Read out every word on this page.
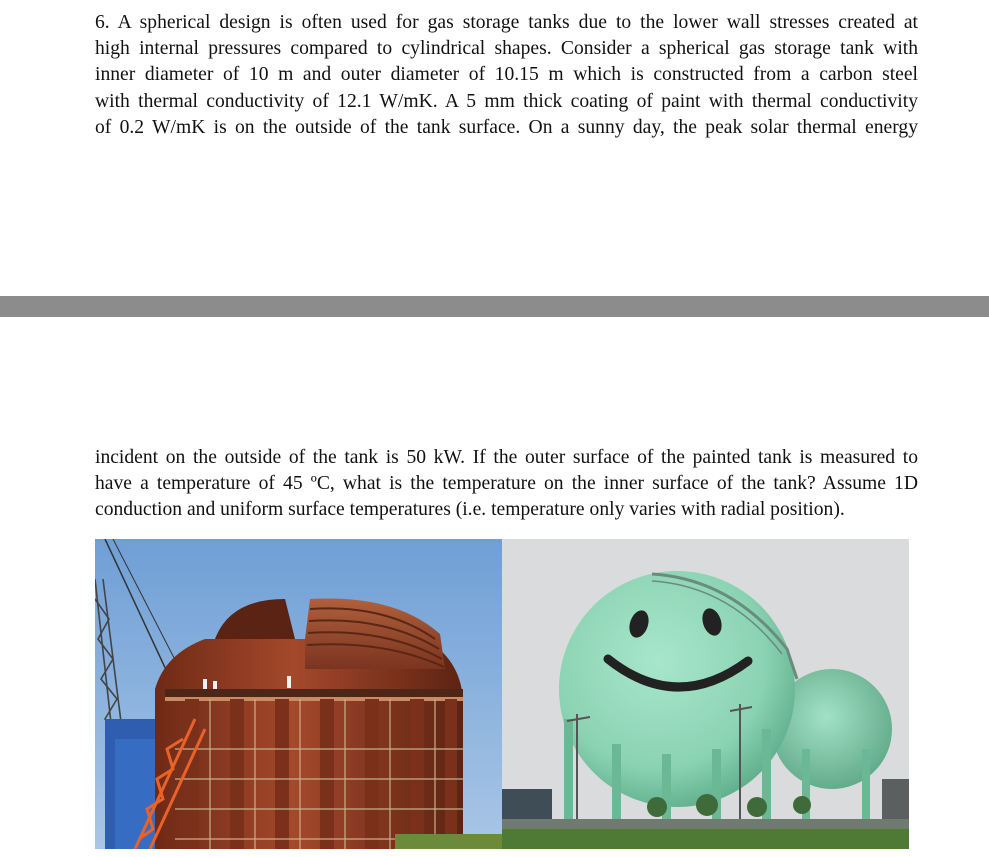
6. A spherical design is often used for gas storage tanks due to the lower wall stresses created at
high internal pressures compared to cylindrical shapes. Consider a spherical gas storage tank with
inner diameter of 10 m and outer diameter of 10.15 m which is constructed from a carbon steel
with thermal conductivity of 12.1 W/mK. A 5 mm thick coating of paint with thermal conductivity
of 0.2 W/mK is on the outside of the tank surface. On a sunny day, the peak solar thermal energy
incident on the outside of the tank is 50 kW. If the outer surface of the painted tank is measured to
have a temperature of 45 ºC, what is the temperature on the inner surface of the tank? Assume 1D
conduction and uniform surface temperatures (i.e. temperature only varies with radial position).
